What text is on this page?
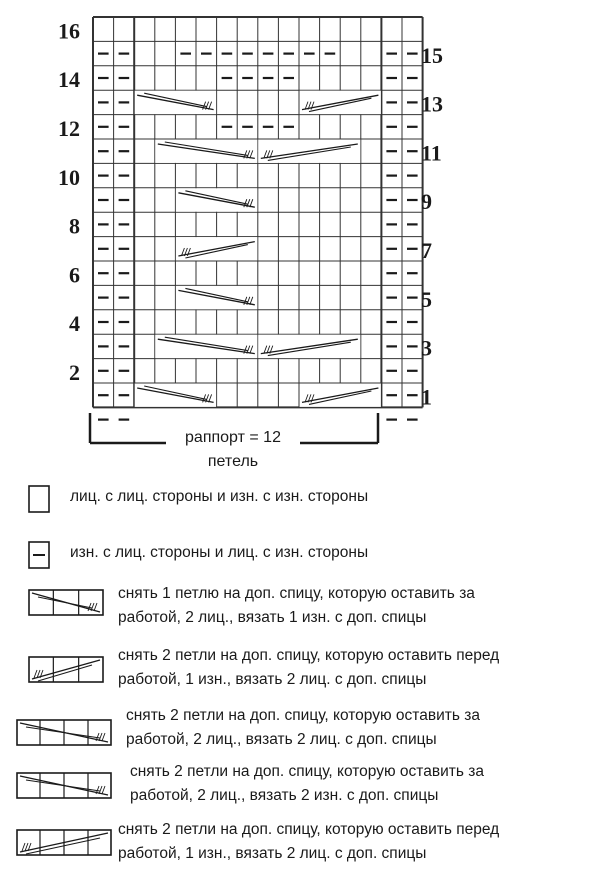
16
14
12
10
8
6
4
2
15
13
11
9
7
5
3
1
раппорт = 12
петель
лиц. с лиц. стороны и изн. с изн. стороны
изн. с лиц. стороны и лиц. с изн. стороны
снять 1 петлю на доп. спицу, которую оставить за
работой, 2 лиц., вязать 1 изн. с доп. спицы
снять 2 петли на доп. спицу, которую оставить перед
работой, 1 изн., вязать 2 лиц. с доп. спицы
снять 2 петли на доп. спицу, которую оставить за
работой, 2 лиц., вязать 2 лиц. с доп. спицы
снять 2 петли на доп. спицу, которую оставить за
работой, 2 лиц., вязать 2 изн. с доп. спицы
снять 2 петли на доп. спицу, которую оставить перед
работой, 1 изн., вязать 2 лиц. с доп. спицы
